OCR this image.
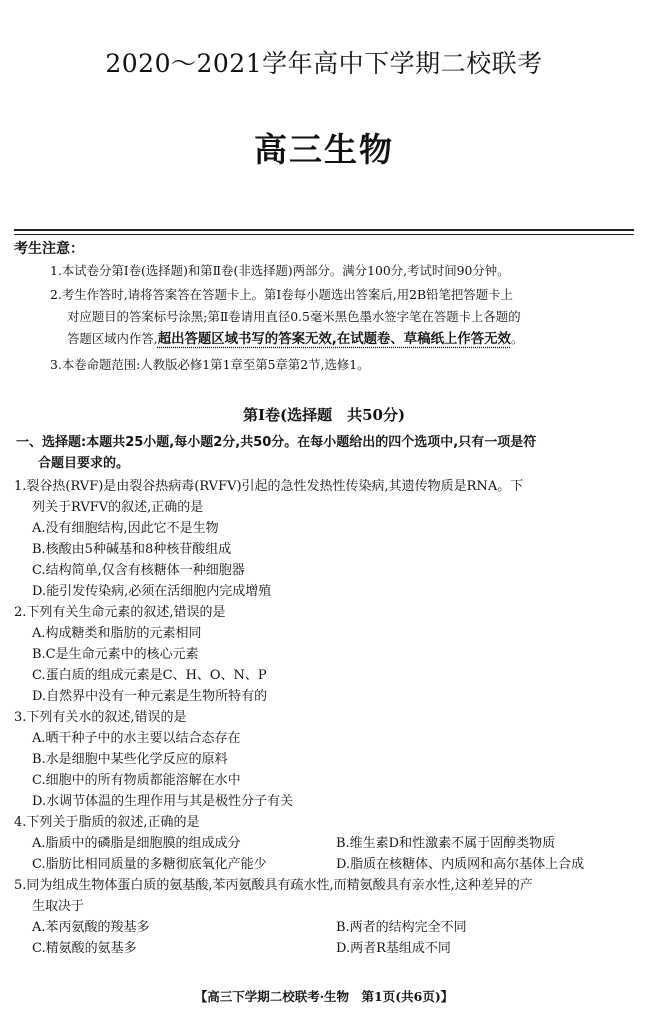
2020～2021学年高中下学期二校联考
高三生物
考生注意：
1.本试卷分第Ⅰ卷(选择题)和第Ⅱ卷(非选择题)两部分。满分100分,考试时间90分钟。
2.考生作答时,请将答案答在答题卡上。第Ⅰ卷每小题选出答案后,用2B铅笔把答题卡上
对应题目的答案标号涂黑;第Ⅱ卷请用直径0.5毫米黑色墨水签字笔在答题卡上各题的
答题区域内作答,超出答题区域书写的答案无效,在试题卷、草稿纸上作答无效。
3.本卷命题范围:人教版必修1第1章至第5章第2节,选修1。
第Ⅰ卷(选择题　共50分)
一、选择题:本题共25小题,每小题2分,共50分。在每小题给出的四个选项中,只有一项是符
合题目要求的。
1.裂谷热(RVF)是由裂谷热病毒(RVFV)引起的急性发热性传染病,其遗传物质是RNA。下
列关于RVFV的叙述,正确的是
A.没有细胞结构,因此它不是生物
B.核酸由5种碱基和8种核苷酸组成
C.结构简单,仅含有核糖体一种细胞器
D.能引发传染病,必须在活细胞内完成增殖
2.下列有关生命元素的叙述,错误的是
A.构成糖类和脂肪的元素相同
B.C是生命元素中的核心元素
C.蛋白质的组成元素是C、H、O、N、P
D.自然界中没有一种元素是生物所特有的
3.下列有关水的叙述,错误的是
A.晒干种子中的水主要以结合态存在
B.水是细胞中某些化学反应的原料
C.细胞中的所有物质都能溶解在水中
D.水调节体温的生理作用与其是极性分子有关
4.下列关于脂质的叙述,正确的是
A.脂质中的磷脂是细胞膜的组成成分	B.维生素D和性激素不属于固醇类物质
C.脂肪比相同质量的多糖彻底氧化产能少	D.脂质在核糖体、内质网和高尔基体上合成
5.同为组成生物体蛋白质的氨基酸,苯丙氨酸具有疏水性,而精氨酸具有亲水性,这种差异的产
生取决于
A.苯丙氨酸的羧基多	B.两者的结构完全不同
C.精氨酸的氨基多	D.两者R基组成不同
【高三下学期二校联考·生物　第1页(共6页)】
